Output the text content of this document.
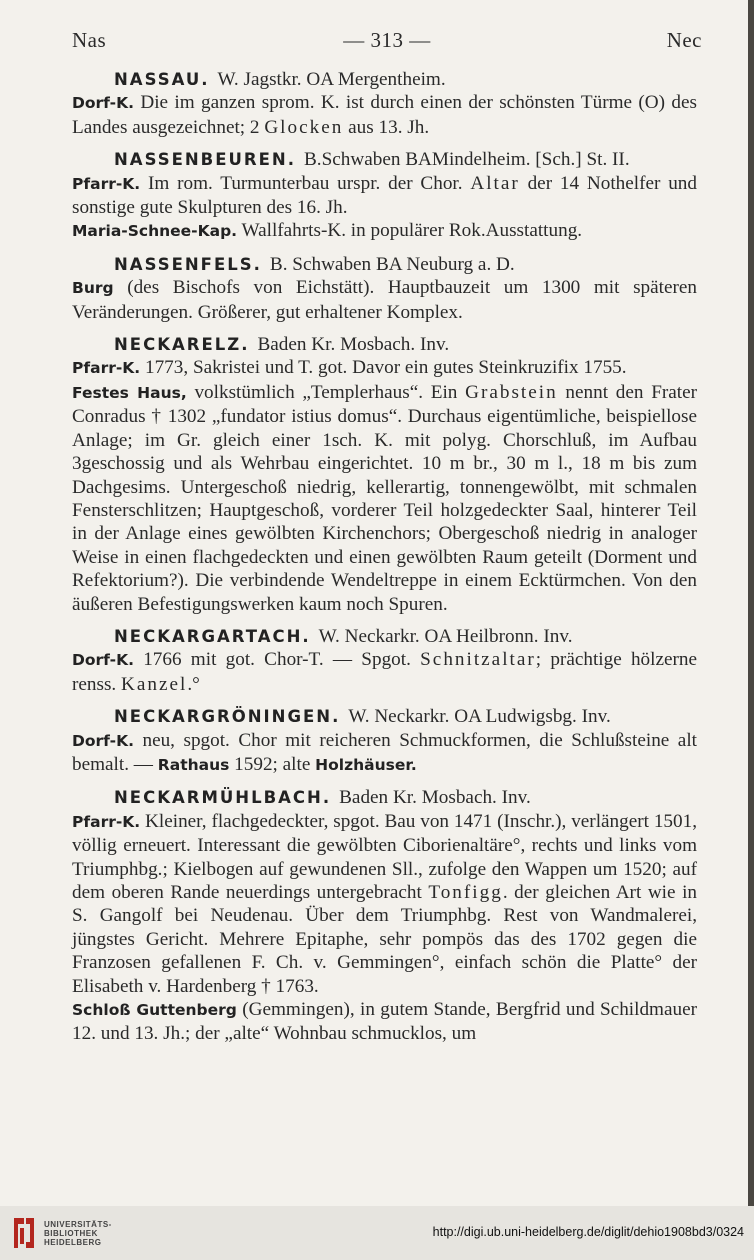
Nas	— 313 —	Nec

NASSAU. W. Jagstkr. OA Mergentheim.

Dorf-K. Die im ganzen sprom. K. ist durch einen der schönsten Türme (O) des Landes ausgezeichnet; 2 Glocken aus 13. Jh.

NASSENBEUREN. B.Schwaben BAMindelheim. [Sch.] St. II.

Pfarr-K. Im rom. Turmunterbau urspr. der Chor. Altar der 14 Nothelfer und sonstige gute Skulpturen des 16. Jh.

Maria-Schnee-Kap. Wallfahrts-K. in populärer Rok.Ausstattung.

NASSENFELS. B. Schwaben BA Neuburg a. D.

Burg (des Bischofs von Eichstätt). Hauptbauzeit um 1300 mit späteren Veränderungen. Größerer, gut erhaltener Komplex.

NECKARELZ. Baden Kr. Mosbach. Inv.

Pfarr-K. 1773, Sakristei und T. got. Davor ein gutes Steinkruzifix 1755.

Festes Haus, volkstümlich „Templerhaus“. Ein Grabstein nennt den Frater Conradus † 1302 „fundator istius domus“. Durchaus eigentümliche, beispiellose Anlage; im Gr. gleich einer 1sch. K. mit polyg. Chorschluß, im Aufbau 3geschossig und als Wehrbau eingerichtet. 10 m br., 30 m l., 18 m bis zum Dachgesims. Untergeschoß niedrig, kellerartig, tonnengewölbt, mit schmalen Fensterschlitzen; Hauptgeschoß, vorderer Teil holzgedeckter Saal, hinterer Teil in der Anlage eines gewölbten Kirchenchors; Obergeschoß niedrig in analoger Weise in einen flachgedeckten und einen gewölbten Raum geteilt (Dorment und Refektorium?). Die verbindende Wendeltreppe in einem Ecktürmchen. Von den äußeren Befestigungswerken kaum noch Spuren.

NECKARGARTACH. W. Neckarkr. OA Heilbronn. Inv.

Dorf-K. 1766 mit got. Chor-T. — Spgot. Schnitzaltar; prächtige hölzerne renss. Kanzel.°

NECKARGRÖNINGEN. W. Neckarkr. OA Ludwigsbg. Inv.

Dorf-K. neu, spgot. Chor mit reicheren Schmuckformen, die Schlußsteine alt bemalt. — Rathaus 1592; alte Holzhäuser.

NECKARMÜHLBACH. Baden Kr. Mosbach. Inv.

Pfarr-K. Kleiner, flachgedeckter, spgot. Bau von 1471 (Inschr.), verlängert 1501, völlig erneuert. Interessant die gewölbten Ciborienaltäre°, rechts und links vom Triumphbg.; Kielbogen auf gewundenen Sll., zufolge den Wappen um 1520; auf dem oberen Rande neuerdings untergebracht Tonfigg. der gleichen Art wie in S. Gangolf bei Neudenau. Über dem Triumphbg. Rest von Wandmalerei, jüngstes Gericht. Mehrere Epitaphe, sehr pompös das des 1702 gegen die Franzosen gefallenen F. Ch. v. Gemmingen°, einfach schön die Platte° der Elisabeth v. Hardenberg † 1763.

Schloß Guttenberg (Gemmingen), in gutem Stande, Bergfrid und Schildmauer 12. und 13. Jh.; der „alte“ Wohnbau schmucklos, um

UNIVERSITÄTS-
BIBLIOTHEK
HEIDELBERG
http://digi.ub.uni-heidelberg.de/diglit/dehio1908bd3/0324
